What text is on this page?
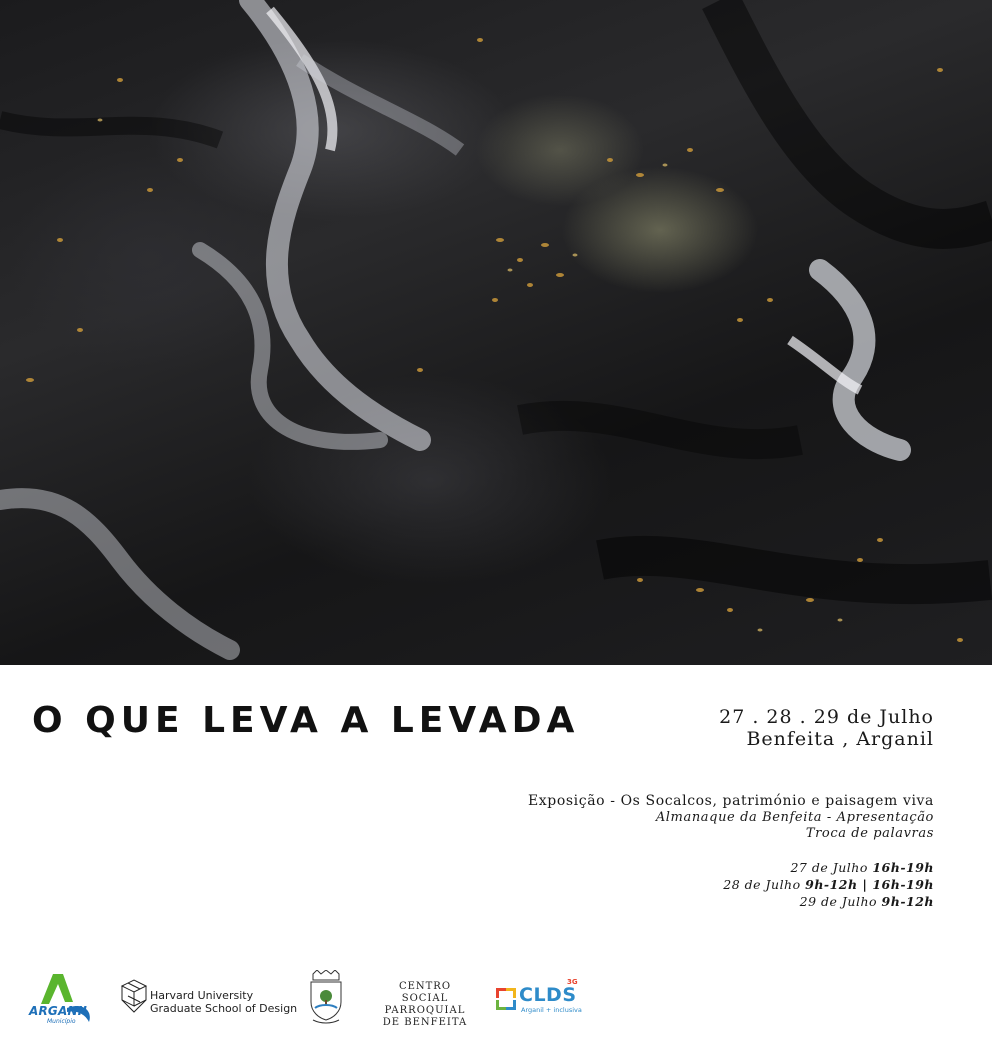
O QUE LEVA A LEVADA	27 . 28 . 29 de Julho
Benfeita , Arganil
Exposição - Os Socalcos, património e paisagem viva
Almanaque da Benfeita - Apresentação
Troca de palavras
27 de Julho 16h-19h
28 de Julho 9h-12h | 16h-19h
29 de Julho 9h-12h
ARGANIL
Município
Harvard University
Graduate School of Design
CENTRO SOCIAL
PARROQUIAL
DE BENFEITA
CLDS
3G
Arganil + inclusiva
